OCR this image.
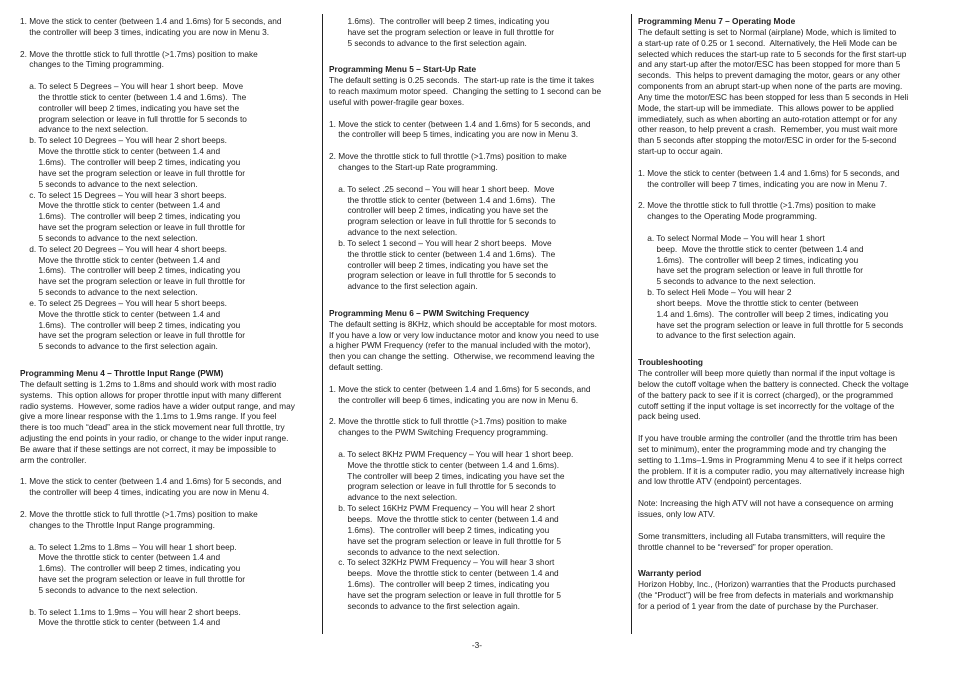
1. Move the stick to center (between 1.4 and 1.6ms) for 5 seconds, and

the controller will beep 3 times, indicating you are now in Menu 3.

2. Move the throttle stick to full throttle (>1.7ms) position to make

changes to the Timing programming.

a. To select 5 Degrees – You will hear 1 short beep.  Move

the throttle stick to center (between 1.4 and 1.6ms).  The

controller will beep 2 times, indicating you have set the

program selection or leave in full throttle for 5 seconds to

advance to the next selection.

b. To select 10 Degrees – You will hear 2 short beeps.

Move the throttle stick to center (between 1.4 and

1.6ms).  The controller will beep 2 times, indicating you

have set the program selection or leave in full throttle for

5 seconds to advance to the next selection.

c. To select 15 Degrees – You will hear 3 short beeps.

Move the throttle stick to center (between 1.4 and

1.6ms).  The controller will beep 2 times, indicating you

have set the program selection or leave in full throttle for

5 seconds to advance to the next selection.

d. To select 20 Degrees – You will hear 4 short beeps.

Move the throttle stick to center (between 1.4 and

1.6ms).  The controller will beep 2 times, indicating you

have set the program selection or leave in full throttle for

5 seconds to advance to the next selection.

e. To select 25 Degrees – You will hear 5 short beeps.

Move the throttle stick to center (between 1.4 and

1.6ms).  The controller will beep 2 times, indicating you

have set the program selection or leave in full throttle for

5 seconds to advance to the first selection again.

Programming Menu 4 – Throttle Input Range (PWM)

The default setting is 1.2ms to 1.8ms and should work with most radio

systems.  This option allows for proper throttle input with many different

radio systems.  However, some radios have a wider output range, and may

give a more linear response with the 1.1ms to 1.9ms range. If you feel

there is too much “dead” area in the stick movement near full throttle, try

adjusting the end points in your radio, or change to the wider input range.

Be aware that if these settings are not correct, it may be impossible to

arm the controller.

1. Move the stick to center (between 1.4 and 1.6ms) for 5 seconds, and

the controller will beep 4 times, indicating you are now in Menu 4.

2. Move the throttle stick to full throttle (>1.7ms) position to make

changes to the Throttle Input Range programming.

a. To select 1.2ms to 1.8ms – You will hear 1 short beep.

Move the throttle stick to center (between 1.4 and

1.6ms).  The controller will beep 2 times, indicating you

have set the program selection or leave in full throttle for

5 seconds to advance to the next selection.

b. To select 1.1ms to 1.9ms – You will hear 2 short beeps.

Move the throttle stick to center (between 1.4 and

1.6ms).  The controller will beep 2 times, indicating you

have set the program selection or leave in full throttle for

5 seconds to advance to the first selection again.

Programming Menu 5 – Start-Up Rate

The default setting is 0.25 seconds.  The start-up rate is the time it takes

to reach maximum motor speed.  Changing the setting to 1 second can be

useful with power-fragile gear boxes.

1. Move the stick to center (between 1.4 and 1.6ms) for 5 seconds, and

the controller will beep 5 times, indicating you are now in Menu 3.

2. Move the throttle stick to full throttle (>1.7ms) position to make

changes to the Start-up Rate programming.

a. To select .25 second – You will hear 1 short beep.  Move

the throttle stick to center (between 1.4 and 1.6ms).  The

controller will beep 2 times, indicating you have set the

program selection or leave in full throttle for 5 seconds to

advance to the next selection.

b. To select 1 second – You will hear 2 short beeps.  Move

the throttle stick to center (between 1.4 and 1.6ms).  The

controller will beep 2 times, indicating you have set the

program selection or leave in full throttle for 5 seconds to

advance to the first selection again.

Programming Menu 6 – PWM Switching Frequency

The default setting is 8KHz, which should be acceptable for most motors.

If you have a low or very low inductance motor and know you need to use

a higher PWM Frequency (refer to the manual included with the motor),

then you can change the setting.  Otherwise, we recommend leaving the

default setting.

1. Move the stick to center (between 1.4 and 1.6ms) for 5 seconds, and

the controller will beep 6 times, indicating you are now in Menu 6.

2. Move the throttle stick to full throttle (>1.7ms) position to make

changes to the PWM Switching Frequency programming.

a. To select 8KHz PWM Frequency – You will hear 1 short beep.

Move the throttle stick to center (between 1.4 and 1.6ms).

The controller will beep 2 times, indicating you have set the

program selection or leave in full throttle for 5 seconds to

advance to the next selection.

b. To select 16KHz PWM Frequency – You will hear 2 short

beeps.  Move the throttle stick to center (between 1.4 and

1.6ms).  The controller will beep 2 times, indicating you

have set the program selection or leave in full throttle for 5

seconds to advance to the next selection.

c. To select 32KHz PWM Frequency – You will hear 3 short

beeps.  Move the throttle stick to center (between 1.4 and

1.6ms).  The controller will beep 2 times, indicating you

have set the program selection or leave in full throttle for 5

seconds to advance to the first selection again.

Programming Menu 7 – Operating Mode

The default setting is set to Normal (airplane) Mode, which is limited to

a start-up rate of 0.25 or 1 second.  Alternatively, the Heli Mode can be

selected which reduces the start-up rate to 5 seconds for the first start-up

and any start-up after the motor/ESC has been stopped for more than 5

seconds.  This helps to prevent damaging the motor, gears or any other

components from an abrupt start-up when none of the parts are moving.

Any time the motor/ESC has been stopped for less than 5 seconds in Heli

Mode, the start-up will be immediate.  This allows power to be applied

immediately, such as when aborting an auto-rotation attempt or for any

other reason, to help prevent a crash.  Remember, you must wait more

than 5 seconds after stopping the motor/ESC in order for the 5-second

start-up to occur again.

1. Move the stick to center (between 1.4 and 1.6ms) for 5 seconds, and

the controller will beep 7 times, indicating you are now in Menu 7.

2. Move the throttle stick to full throttle (>1.7ms) position to make

changes to the Operating Mode programming.

a. To select Normal Mode – You will hear 1 short

beep.  Move the throttle stick to center (between 1.4 and

1.6ms).  The controller will beep 2 times, indicating you

have set the program selection or leave in full throttle for

5 seconds to advance to the next selection.

b. To select Heli Mode – You will hear 2

short beeps.  Move the throttle stick to center (between

1.4 and 1.6ms).  The controller will beep 2 times, indicating you

have set the program selection or leave in full throttle for 5 seconds

to advance to the first selection again.

Troubleshooting

The controller will beep more quietly than normal if the input voltage is

below the cutoff voltage when the battery is connected. Check the voltage

of the battery pack to see if it is correct (charged), or the programmed

cutoff setting if the input voltage is set incorrectly for the voltage of the

pack being used.

If you have trouble arming the controller (and the throttle trim has been

set to minimum), enter the programming mode and try changing the

setting to 1.1ms–1.9ms in Programming Menu 4 to see if it helps correct

the problem. If it is a computer radio, you may alternatively increase high

and low throttle ATV (endpoint) percentages.

Note: Increasing the high ATV will not have a consequence on arming

issues, only low ATV.

Some transmitters, including all Futaba transmitters, will require the

throttle channel to be “reversed” for proper operation.

Warranty period

Horizon Hobby, Inc., (Horizon) warranties that the Products purchased

(the “Product”) will be free from defects in materials and workmanship

for a period of 1 year from the date of purchase by the Purchaser.

-3-
